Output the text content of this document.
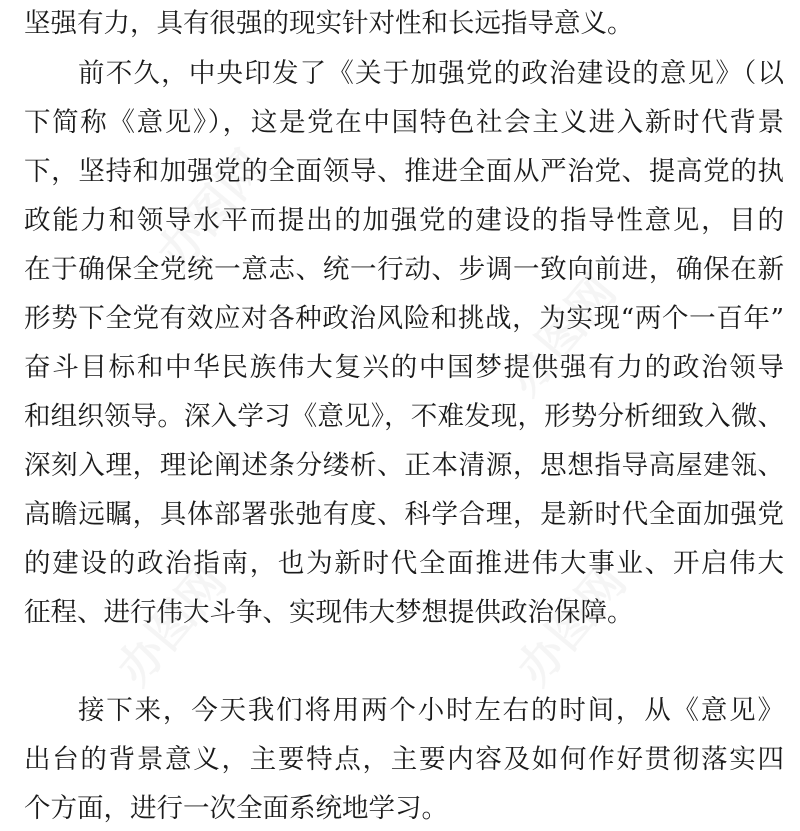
坚强有力，具有很强的现实针对性和长远指导意义。
前不久，中央印发了《关于加强党的政治建设的意见》（以
下简称《意见》），这是党在中国特色社会主义进入新时代背景
下，坚持和加强党的全面领导、推进全面从严治党、提高党的执
政能力和领导水平而提出的加强党的建设的指导性意见，目的
在于确保全党统一意志、统一行动、步调一致向前进，确保在新
形势下全党有效应对各种政治风险和挑战，为实现“两个一百年”
奋斗目标和中华民族伟大复兴的中国梦提供强有力的政治领导
和组织领导。深入学习《意见》，不难发现，形势分析细致入微、
深刻入理，理论阐述条分缕析、正本清源，思想指导高屋建瓴、
高瞻远瞩，具体部署张弛有度、科学合理，是新时代全面加强党
的建设的政治指南，也为新时代全面推进伟大事业、开启伟大
征程、进行伟大斗争、实现伟大梦想提供政治保障。
接下来，今天我们将用两个小时左右的时间，从《意见》
出台的背景意义，主要特点，主要内容及如何作好贯彻落实四
个方面，进行一次全面系统地学习。
办图网
办图网
办图网	办图网
